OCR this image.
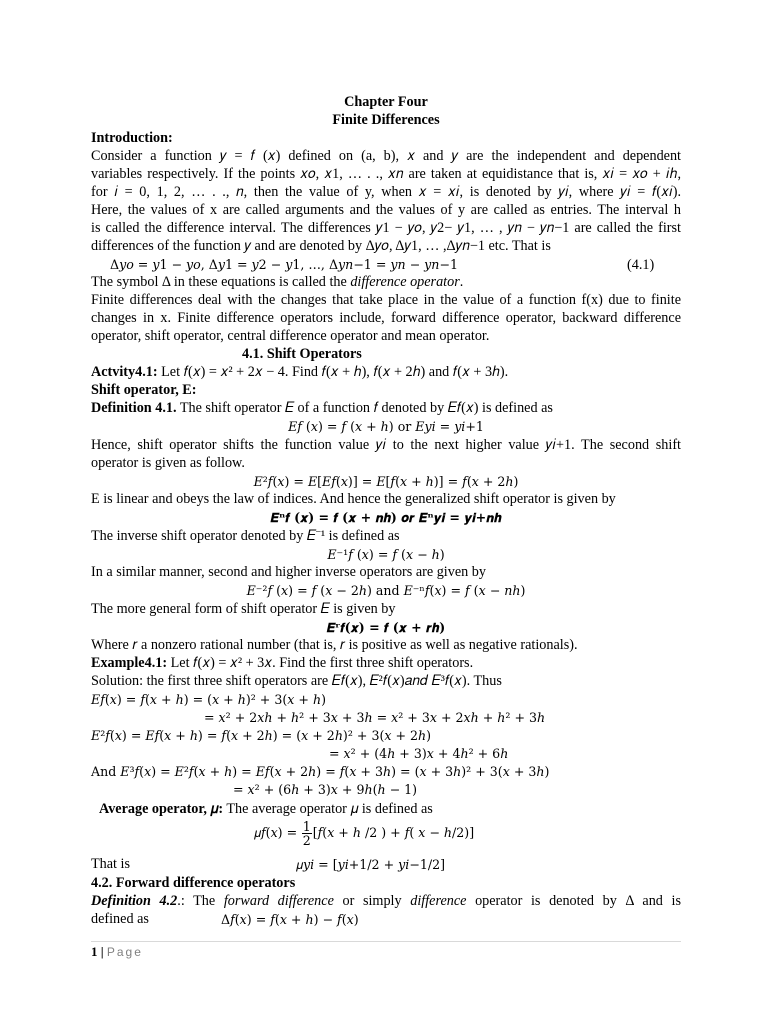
Chapter Four
Finite Differences
Introduction:
Consider a function 𝑦 = 𝑓 (𝑥) defined on (a, b), 𝑥 and 𝑦 are the independent and dependent
variables respectively. If the points 𝑥𝑜, 𝑥1, … . ., 𝑥𝑛 are taken at equidistance that is, 𝑥𝑖 = 𝑥𝑜 + 𝑖ℎ,
for 𝑖 = 0, 1, 2, … . ., 𝑛, then the value of y, when 𝑥 = 𝑥𝑖, is denoted by 𝑦𝑖, where 𝑦𝑖 = 𝑓(𝑥𝑖).
Here, the values of x are called arguments and the values of y are called as entries. The interval h
is called the difference interval. The differences 𝑦1 − 𝑦𝑜, 𝑦2− 𝑦1, … , 𝑦𝑛 − 𝑦𝑛−1 are called the first
differences of the function 𝑦 and are denoted by Δ𝑦𝑜, Δ𝑦1, … ,Δ𝑦𝑛−1 etc. That is
Δ𝑦𝑜 = 𝑦1 − 𝑦𝑜, Δ𝑦1 = 𝑦2 − 𝑦1, …, Δ𝑦𝑛−1 = 𝑦𝑛 − 𝑦𝑛−1	(4.1)
The symbol Δ in these equations is called the difference operator.
Finite differences deal with the changes that take place in the value of a function f(x) due to finite
changes in x. Finite difference operators include, forward difference operator, backward difference
operator, shift operator, central difference operator and mean operator.
4.1. Shift Operators
Actvity4.1: Let 𝑓(𝑥) = 𝑥² + 2𝑥 − 4. Find 𝑓(𝑥 + ℎ), 𝑓(𝑥 + 2ℎ) and 𝑓(𝑥 + 3ℎ).
Shift operator, E:
Definition 4.1. The shift operator 𝐸 of a function 𝑓 denoted by 𝐸𝑓(𝑥) is defined as
𝐸𝑓 (𝑥) = 𝑓 (𝑥 + ℎ) or 𝐸𝑦𝑖 = 𝑦𝑖+1
Hence, shift operator shifts the function value 𝑦𝑖 to the next higher value 𝑦𝑖+1. The second shift
operator is given as follow.
𝐸²𝑓(𝑥) = 𝐸[𝐸𝑓(𝑥)] = 𝐸[𝑓(𝑥 + ℎ)] = 𝑓(𝑥 + 2ℎ)
E is linear and obeys the law of indices. And hence the generalized shift operator is given by
𝑬ⁿ𝒇 (𝒙) = 𝒇 (𝒙 + 𝒏𝒉) 𝒐𝒓 𝑬ⁿ𝒚𝒊 = 𝒚𝒊+𝒏𝒉
The inverse shift operator denoted by 𝐸⁻¹ is defined as
𝐸⁻¹𝑓 (𝑥) = 𝑓 (𝑥 − ℎ)
In a similar manner, second and higher inverse operators are given by
𝐸⁻²𝑓 (𝑥) = 𝑓 (𝑥 − 2ℎ) and 𝐸⁻ⁿ𝑓(𝑥) = 𝑓 (𝑥 − 𝑛ℎ)
The more general form of shift operator 𝐸 is given by
𝑬ʳ𝒇(𝒙) = 𝒇 (𝒙 + 𝒓𝒉)
Where 𝑟 a nonzero rational number (that is, 𝑟 is positive as well as negative rationals).
Example4.1: Let 𝑓(𝑥) = 𝑥² + 3𝑥. Find the first three shift operators.
Solution: the first three shift operators are 𝐸𝑓(𝑥), 𝐸²𝑓(𝑥)𝑎𝑛𝑑 𝐸³𝑓(𝑥). Thus
𝐸𝑓(𝑥) = 𝑓(𝑥 + ℎ) = (𝑥 + ℎ)² + 3(𝑥 + ℎ)
= 𝑥² + 2𝑥ℎ + ℎ² + 3𝑥 + 3ℎ = 𝑥² + 3𝑥 + 2𝑥ℎ + ℎ² + 3ℎ
𝐸²𝑓(𝑥) = 𝐸𝑓(𝑥 + ℎ) = 𝑓(𝑥 + 2ℎ) = (𝑥 + 2ℎ)² + 3(𝑥 + 2ℎ)
= 𝑥² + (4ℎ + 3)𝑥 + 4ℎ² + 6ℎ
And 𝐸³𝑓(𝑥) = 𝐸²𝑓(𝑥 + ℎ) = 𝐸𝑓(𝑥 + 2ℎ) = 𝑓(𝑥 + 3ℎ) = (𝑥 + 3ℎ)² + 3(𝑥 + 3ℎ)
= 𝑥² + (6ℎ + 3)𝑥 + 9ℎ(ℎ − 1)
Average operator, 𝜇: The average operator 𝜇 is defined as
𝜇𝑓(𝑥) = $\frac{1}{2}$ [𝑓(𝑥 + ℎ /2 ) + 𝑓( 𝑥 − ℎ/2)]
That is	𝜇𝑦𝑖 = [𝑦𝑖+1/2 + 𝑦𝑖−1/2]
4.2. Forward difference operators
Definition 4.2.: The forward difference or simply difference operator is denoted by Δ and is
defined as	Δ𝑓(𝑥) = 𝑓(𝑥 + ℎ) − 𝑓(𝑥)
1 | Page
